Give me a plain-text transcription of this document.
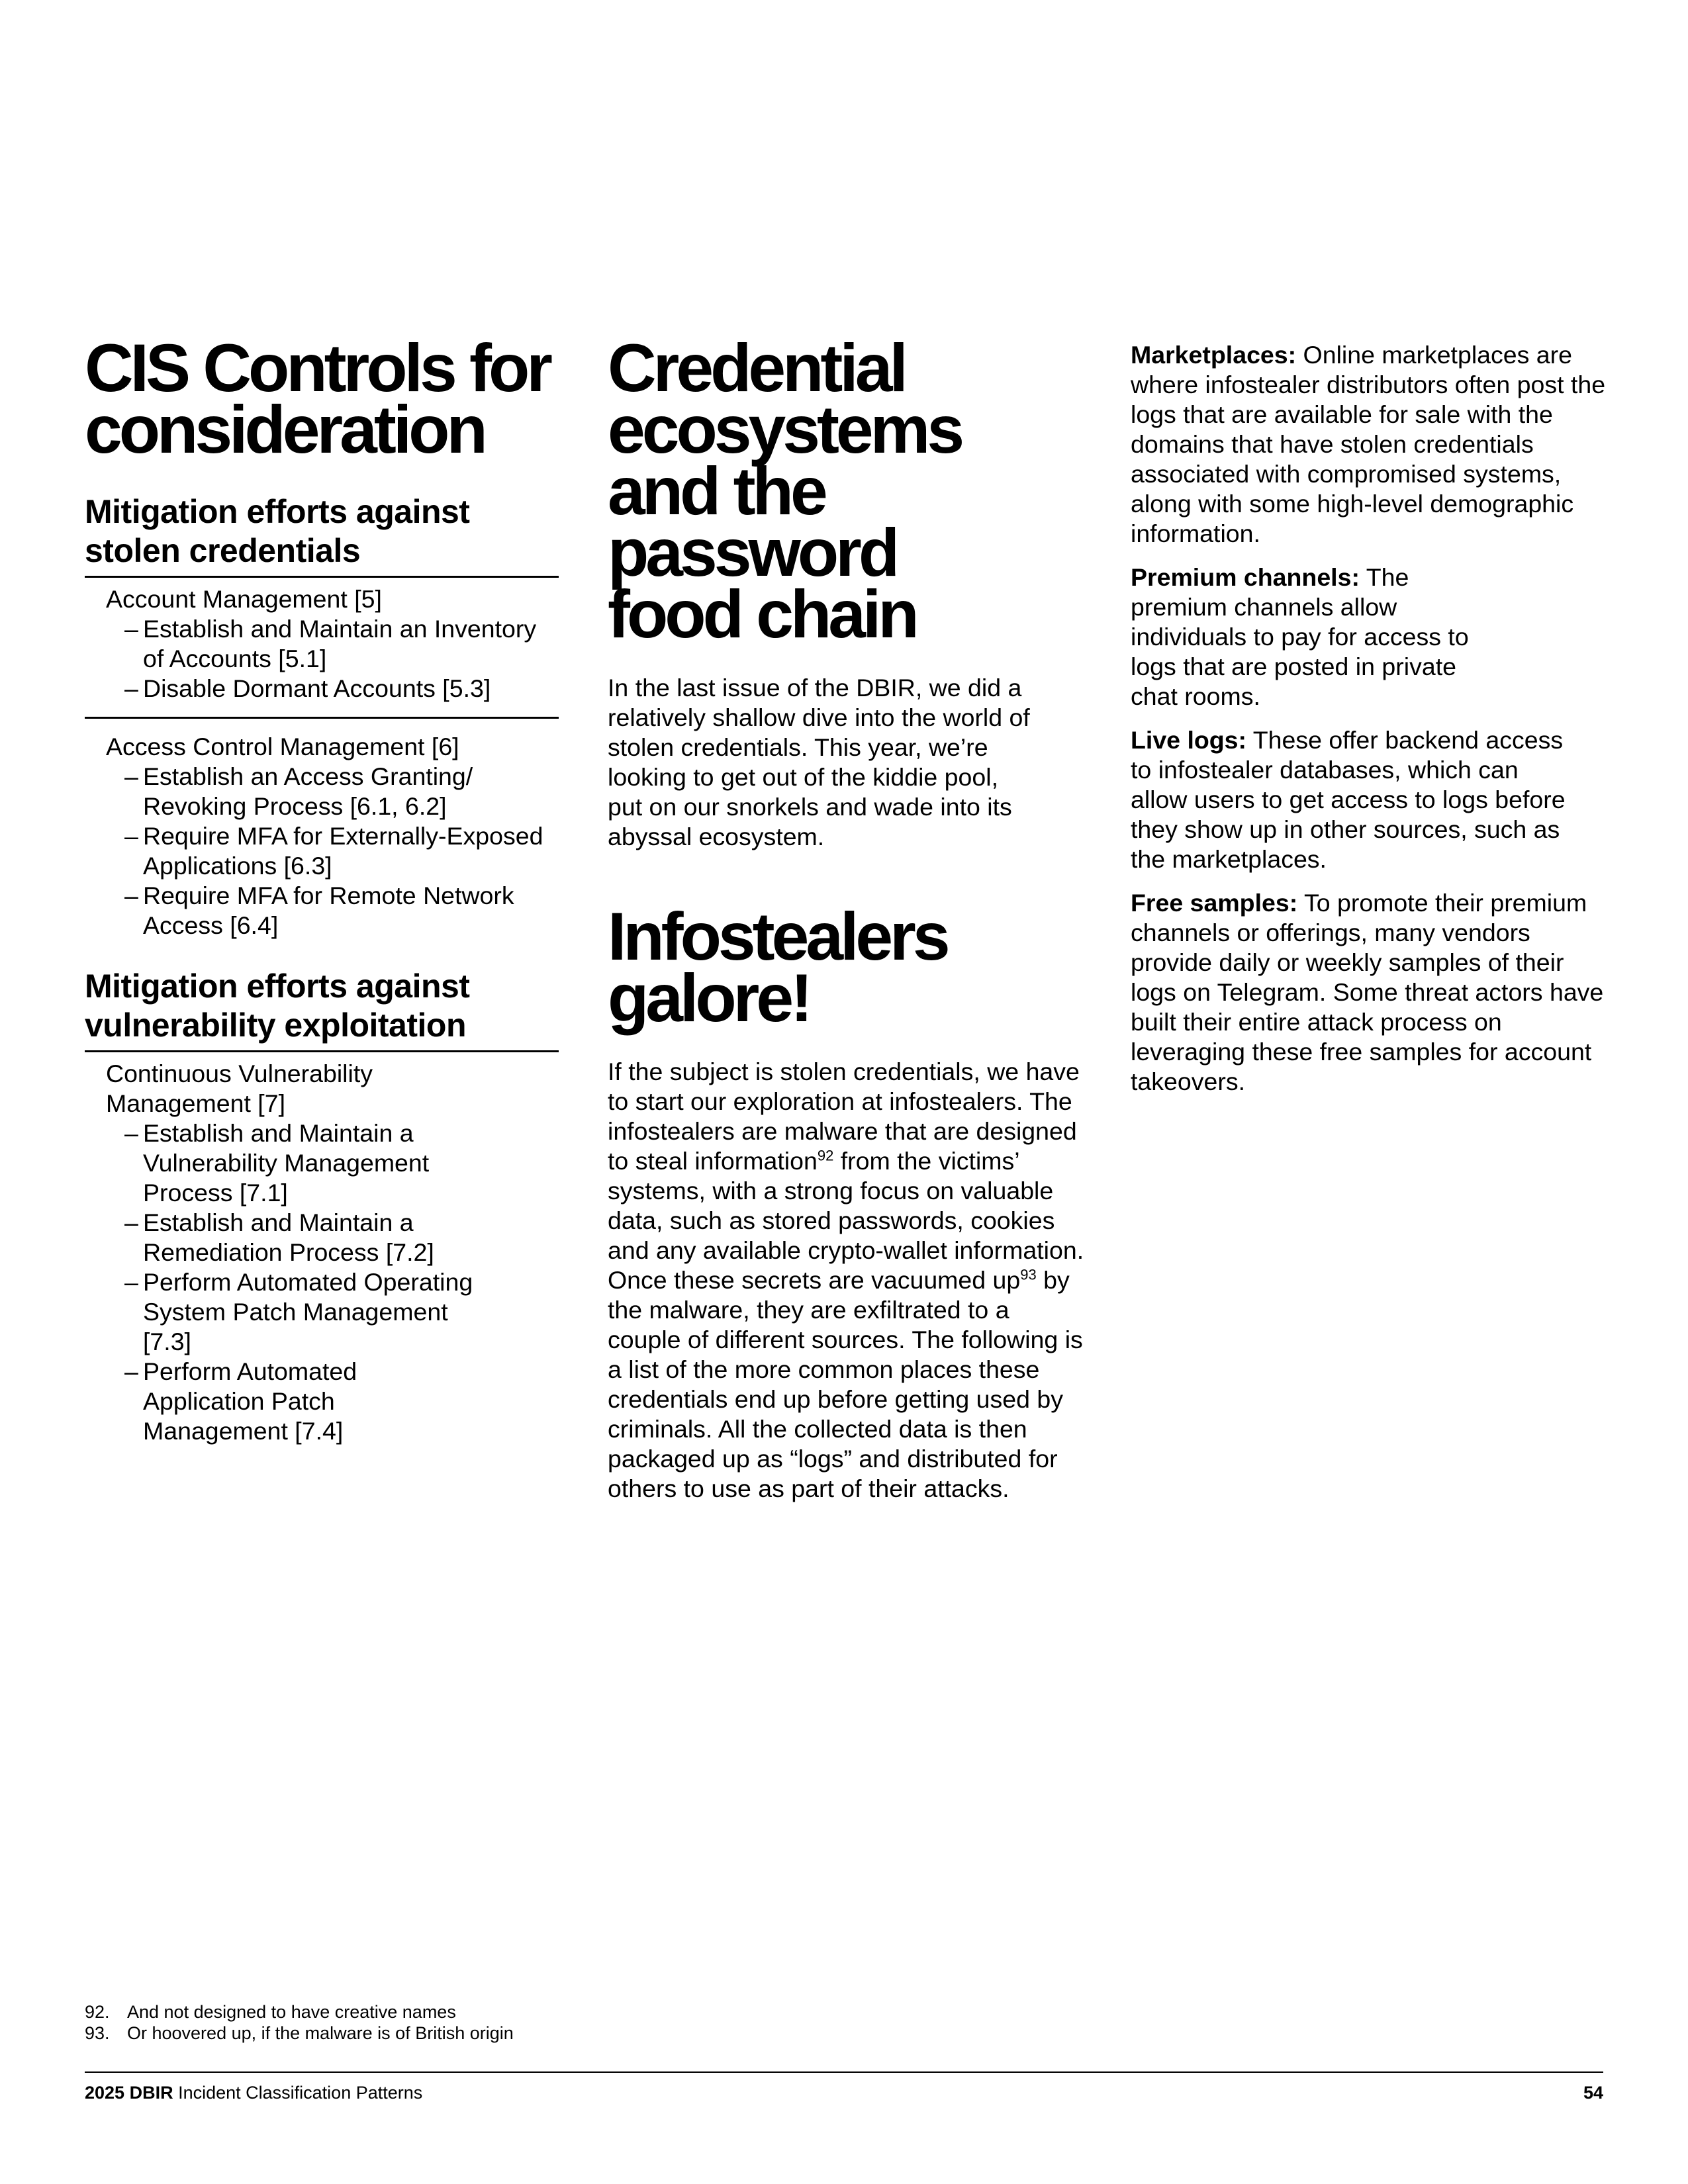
CIS Controls for consideration
Mitigation efforts against stolen credentials
Account Management [5]
– Establish and Maintain an Inventory of Accounts [5.1]
– Disable Dormant Accounts [5.3]
Access Control Management [6]
– Establish an Access Granting/ Revoking Process [6.1, 6.2]
– Require MFA for Externally-Exposed Applications [6.3]
– Require MFA for Remote Network Access [6.4]
Mitigation efforts against vulnerability exploitation
Continuous Vulnerability Management [7]
– Establish and Maintain a Vulnerability Management Process [7.1]
– Establish and Maintain a Remediation Process [7.2]
– Perform Automated Operating System Patch Management [7.3]
– Perform Automated Application Patch Management [7.4]
Credential ecosystems and the password food chain

In the last issue of the DBIR, we did a relatively shallow dive into the world of stolen credentials. This year, we’re looking to get out of the kiddie pool, put on our snorkels and wade into its abyssal ecosystem.

Infostealers galore!

If the subject is stolen credentials, we have to start our exploration at infostealers. The infostealers are malware that are designed to steal information$^{92}$ from the victims’ systems, with a strong focus on valuable data, such as stored passwords, cookies and any available crypto-wallet information. Once these secrets are vacuumed $up^{93}$ by the malware, they are exfiltrated to a couple of different sources. The following is a list of the more common places these credentials end up before getting used by criminals. All the collected data is then packaged up as “logs” and distributed for others to use as part of their attacks.

Marketplaces: Online marketplaces are where infostealer distributors often post the logs that are available for sale with the domains that have stolen credentials associated with compromised systems, along with some high-level demographic information.

Premium channels: The premium channels allow individuals to pay for access to logs that are posted in private chat rooms.

Live logs: These offer backend access to infostealer databases, which can allow users to get access to logs before they show up in other sources, such as the marketplaces.

Free samples: To promote their premium channels or offerings, many vendors provide daily or weekly samples of their logs on Telegram. Some threat actors have built their entire attack process on leveraging these free samples for account takeovers.

92. And not designed to have creative names
93. Or hoovered up, if the malware is of British origin
2025 DBIR Incident Classification Patterns	54
